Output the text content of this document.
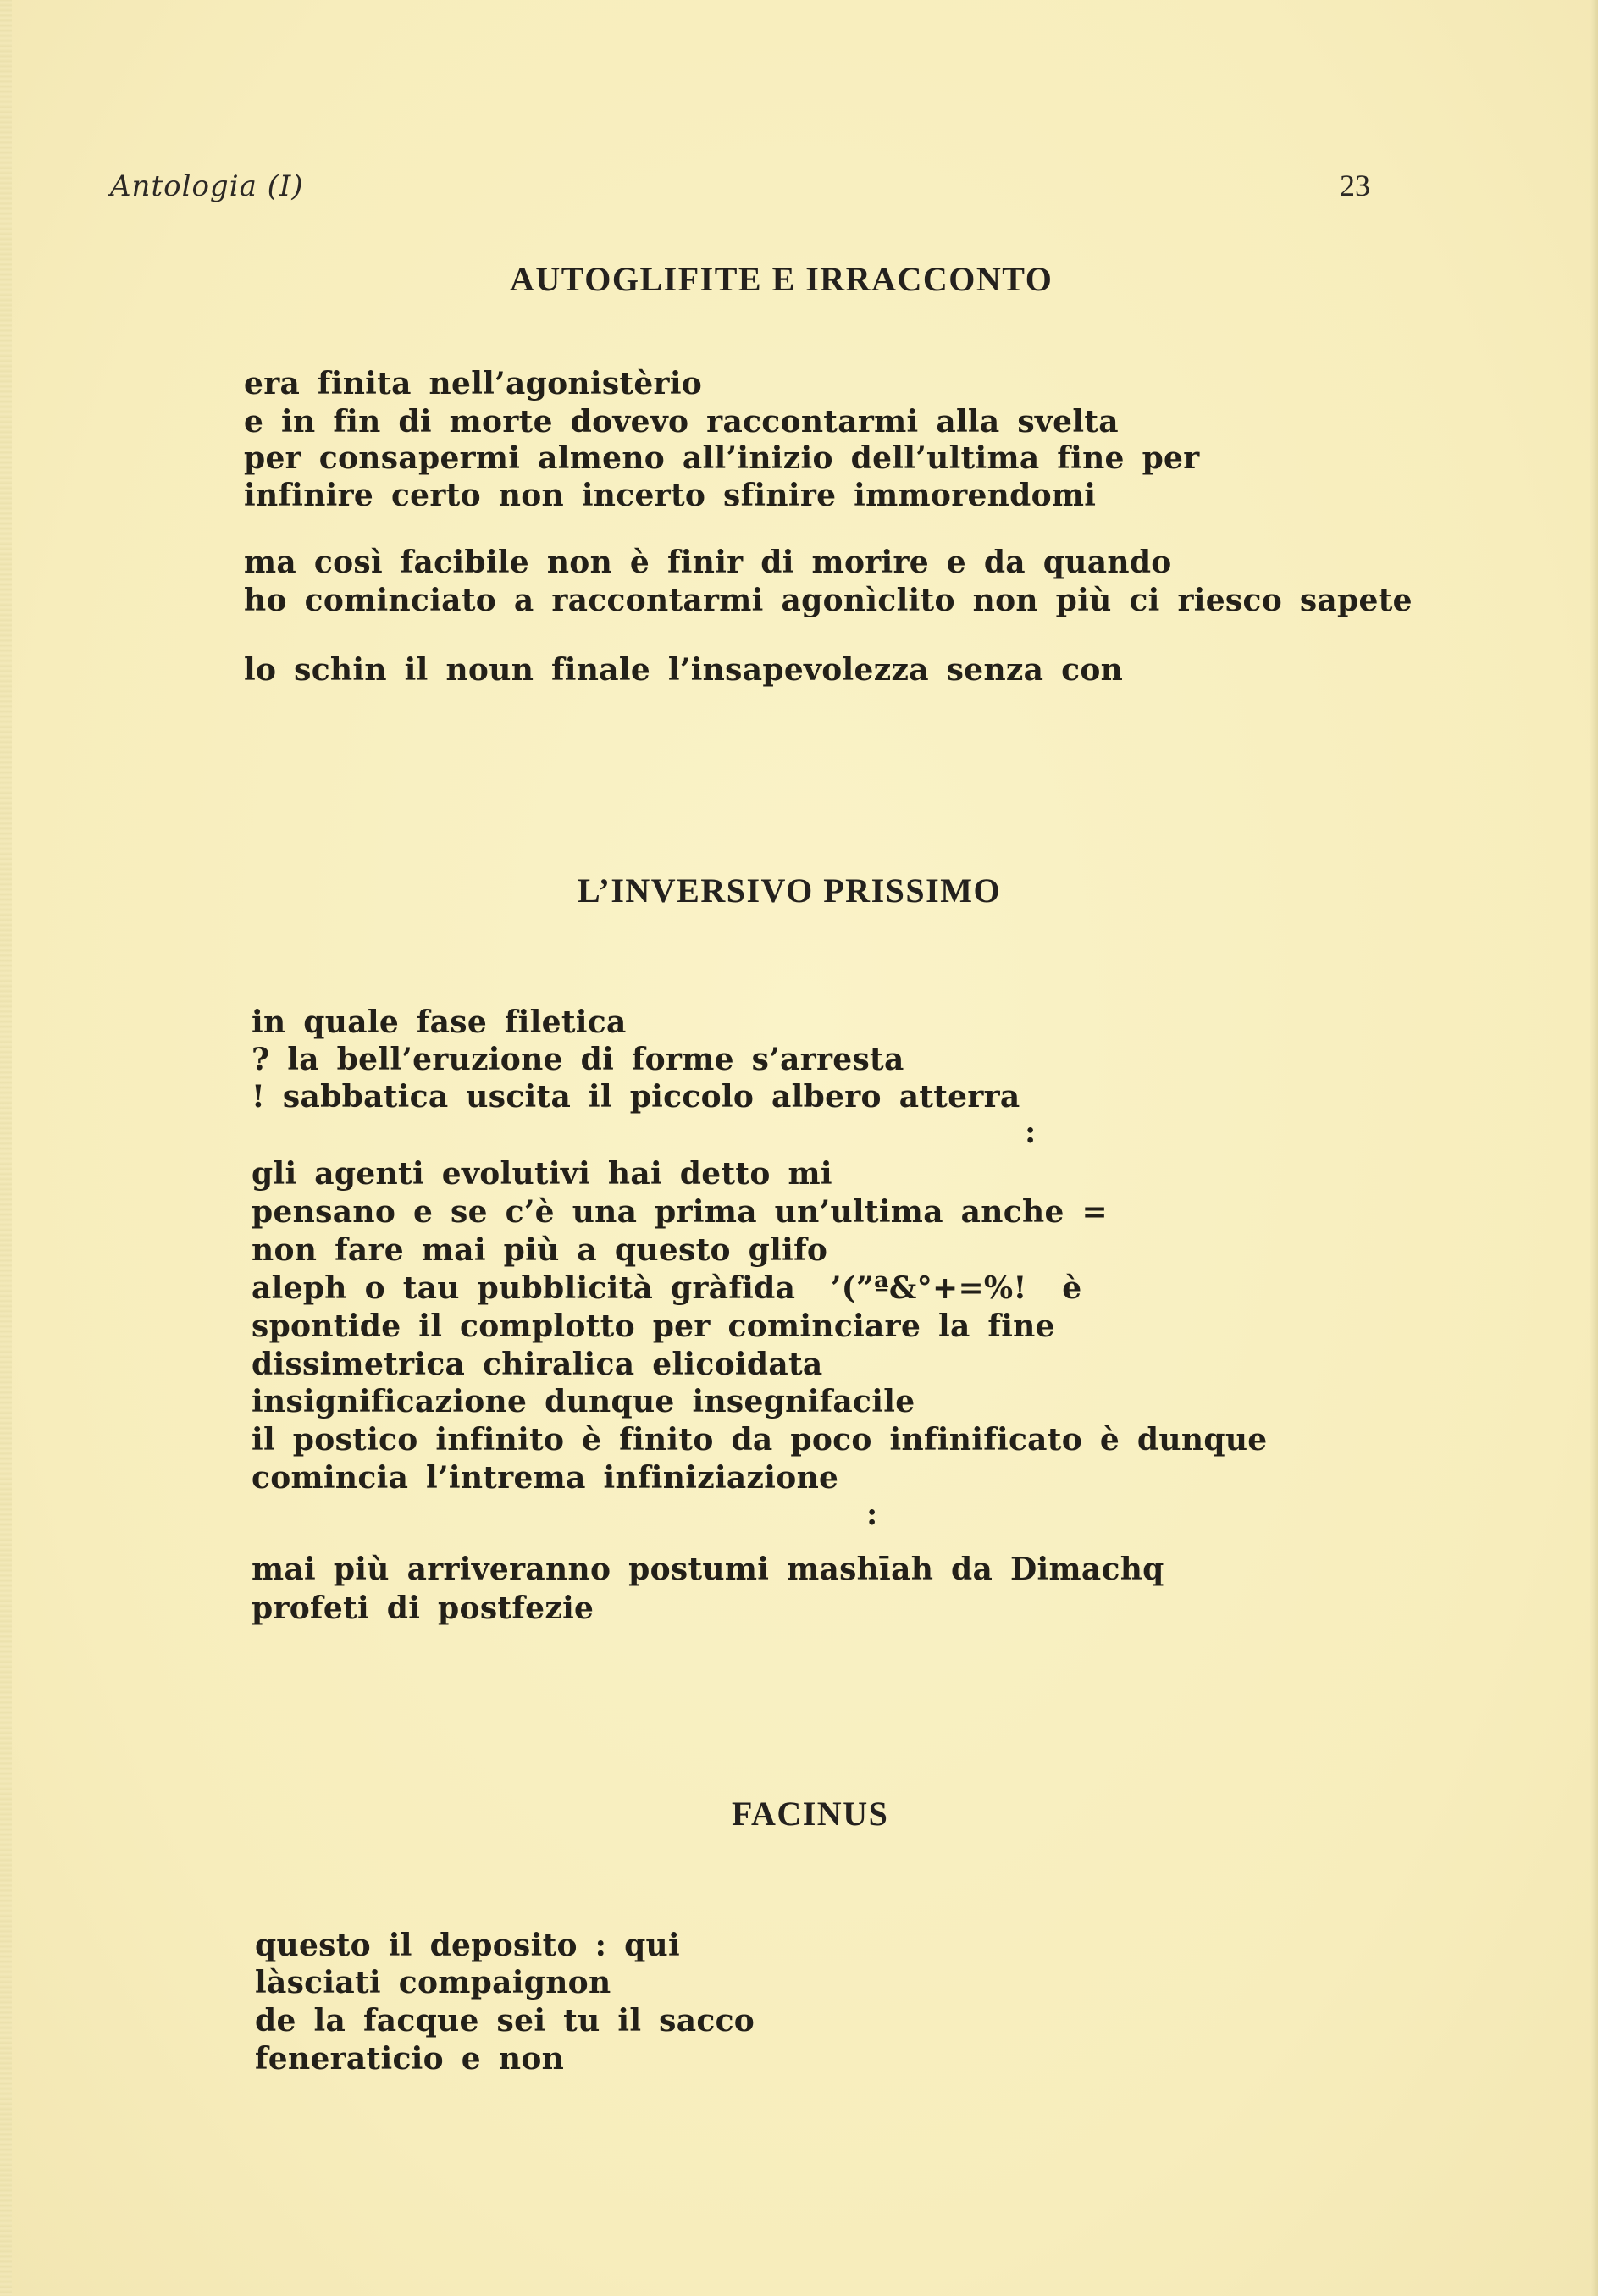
Antologia (I)	23
AUTOGLIFITE E IRRACCONTO
era finita nell’agonistèrio
e in fin di morte dovevo raccontarmi alla svelta
per consapermi almeno all’inizio dell’ultima fine per
infinire certo non incerto sfinire immorendomi
ma così facibile non è finir di morire e da quando
ho cominciato a raccontarmi agonìclito non più ci riesco sapete
lo schin il noun finale l’insapevolezza senza con
L’INVERSIVO PRISSIMO
in quale fase filetica
? la bell’eruzione di forme s’arresta
! sabbatica uscita il piccolo albero atterra
:
gli agenti evolutivi hai detto mi
pensano e se c’è una prima un’ultima anche =
non fare mai più a questo glifo
aleph o tau pubblicità gràfida  ’(”ª&°+=%!  è
spontide il complotto per cominciare la fine
dissimetrica chiralica elicoidata
insignificazione dunque insegnifacile
il postico infinito è finito da poco infinificato è dunque
comincia l’intrema infiniziazione
:
mai più arriveranno postumi mashīah da Dimachq
profeti di postfezie
FACINUS
questo il deposito : qui
làsciati compaignon
de la facque sei tu il sacco
feneraticio e non
